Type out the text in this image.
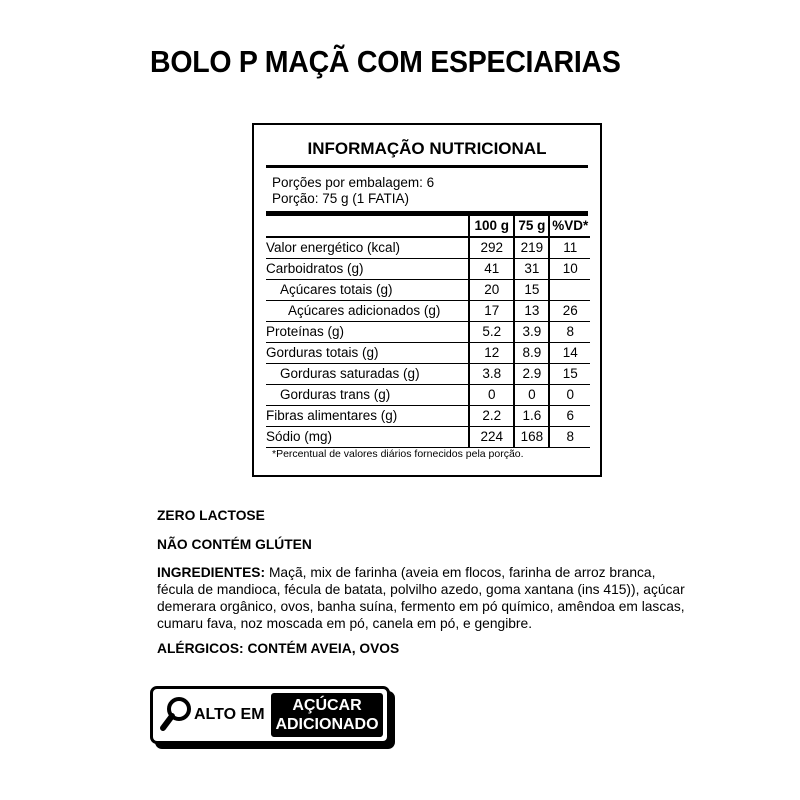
BOLO P MAÇÃ COM ESPECIARIAS
INFORMAÇÃO NUTRICIONAL
Porções por embalagem: 6
Porção: 75 g (1 FATIA)
	100 g	75 g	%VD*
Valor energético (kcal)	292	219	11
Carboidratos (g)	41	31	10
Açúcares totais (g)	20	15	
Açúcares adicionados (g)	17	13	26
Proteínas (g)	5.2	3.9	8
Gorduras totais (g)	12	8.9	14
Gorduras saturadas (g)	3.8	2.9	15
Gorduras trans (g)	0	0	0
Fibras alimentares (g)	2.2	1.6	6
Sódio (mg)	224	168	8
*Percentual de valores diários fornecidos pela porção.
ZERO LACTOSE
NÃO CONTÉM GLÚTEN
INGREDIENTES: Maçã, mix de farinha (aveia em flocos, farinha de arroz branca, fécula de mandioca, fécula de batata, polvilho azedo, goma xantana (ins 415)), açúcar demerara orgânico, ovos, banha suína, fermento em pó químico, amêndoa em lascas, cumaru fava, noz moscada em pó, canela em pó, e gengibre.
ALÉRGICOS: CONTÉM AVEIA, OVOS
ALTO EM
AÇÚCAR
ADICIONADO
